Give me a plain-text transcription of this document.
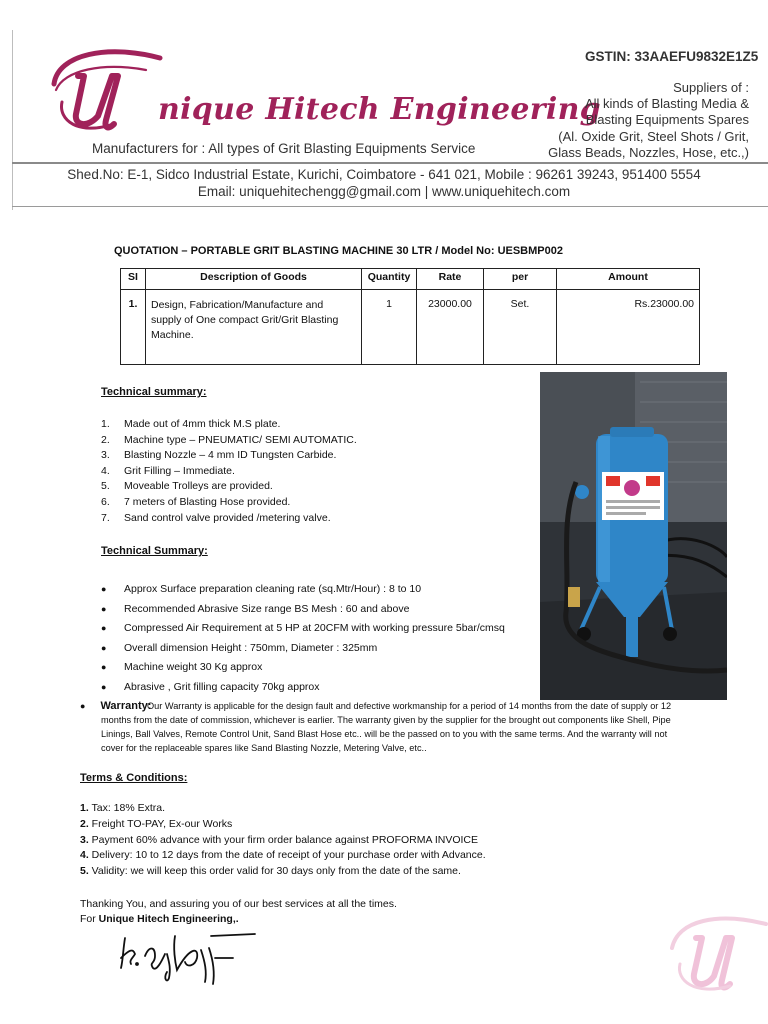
nique Hitech Engineering
Manufacturers for : All types of Grit Blasting Equipments Service
GSTIN: 33AAEFU9832E1Z5
Suppliers of :
All kinds of Blasting Media &
Blasting Equipments Spares
(Al. Oxide Grit, Steel Shots / Grit,
Glass Beads, Nozzles, Hose, etc.,)
Shed.No: E-1, Sidco Industrial Estate, Kurichi, Coimbatore - 641 021, Mobile : 96261 39243, 951400 5554
Email: uniquehitechengg@gmail.com | www.uniquehitech.com
QUOTATION – PORTABLE GRIT BLASTING MACHINE 30 LTR / Model No: UESBMP002
SI	Description of Goods	Quantity	Rate	per	Amount
1.	Design, Fabrication/Manufacture and supply of One compact Grit/Grit Blasting Machine.	1	23000.00	Set.	Rs.23000.00
Technical summary:
1. Made out of 4mm thick M.S plate.
2. Machine type – PNEUMATIC/ SEMI AUTOMATIC.
3. Blasting Nozzle – 4 mm ID Tungsten Carbide.
4. Grit Filling – Immediate.
5. Moveable Trolleys are provided.
6. 7 meters of Blasting Hose provided.
7. Sand control valve provided /metering valve.
Technical Summary:
● Approx Surface preparation cleaning rate (sq.Mtr/Hour) : 8 to 10
● Recommended Abrasive Size range BS Mesh : 60 and above
● Compressed Air Requirement at 5 HP at 20CFM with working pressure 5bar/cmsq
● Overall dimension Height : 750mm, Diameter : 325mm
● Machine weight 30 Kg approx
● Abrasive , Grit filling capacity 70kg approx
●      Warranty:
Our Warranty is applicable for the design fault and defective workmanship for a period of 14 months from the date of supply or 12 months from the date of commission, whichever is earlier. The warranty given by the supplier for the brought out components like Shell, Pipe Linings, Ball Valves, Remote Control Unit, Sand Blast Hose etc.. will be the passed on to you with the same terms. And the warranty will not cover for the replaceable spares like Sand Blasting Nozzle, Metering Valve, etc..
Terms & Conditions:
1. Tax: 18% Extra.
2. Freight TO-PAY, Ex-our Works
3. Payment 60% advance with your firm order balance against PROFORMA INVOICE
4. Delivery: 10 to 12 days from the date of receipt of your purchase order with Advance.
5. Validity: we will keep this order valid for 30 days only from the date of the same.
Thanking You, and assuring you of our best services at all the times.
For Unique Hitech Engineering,.
